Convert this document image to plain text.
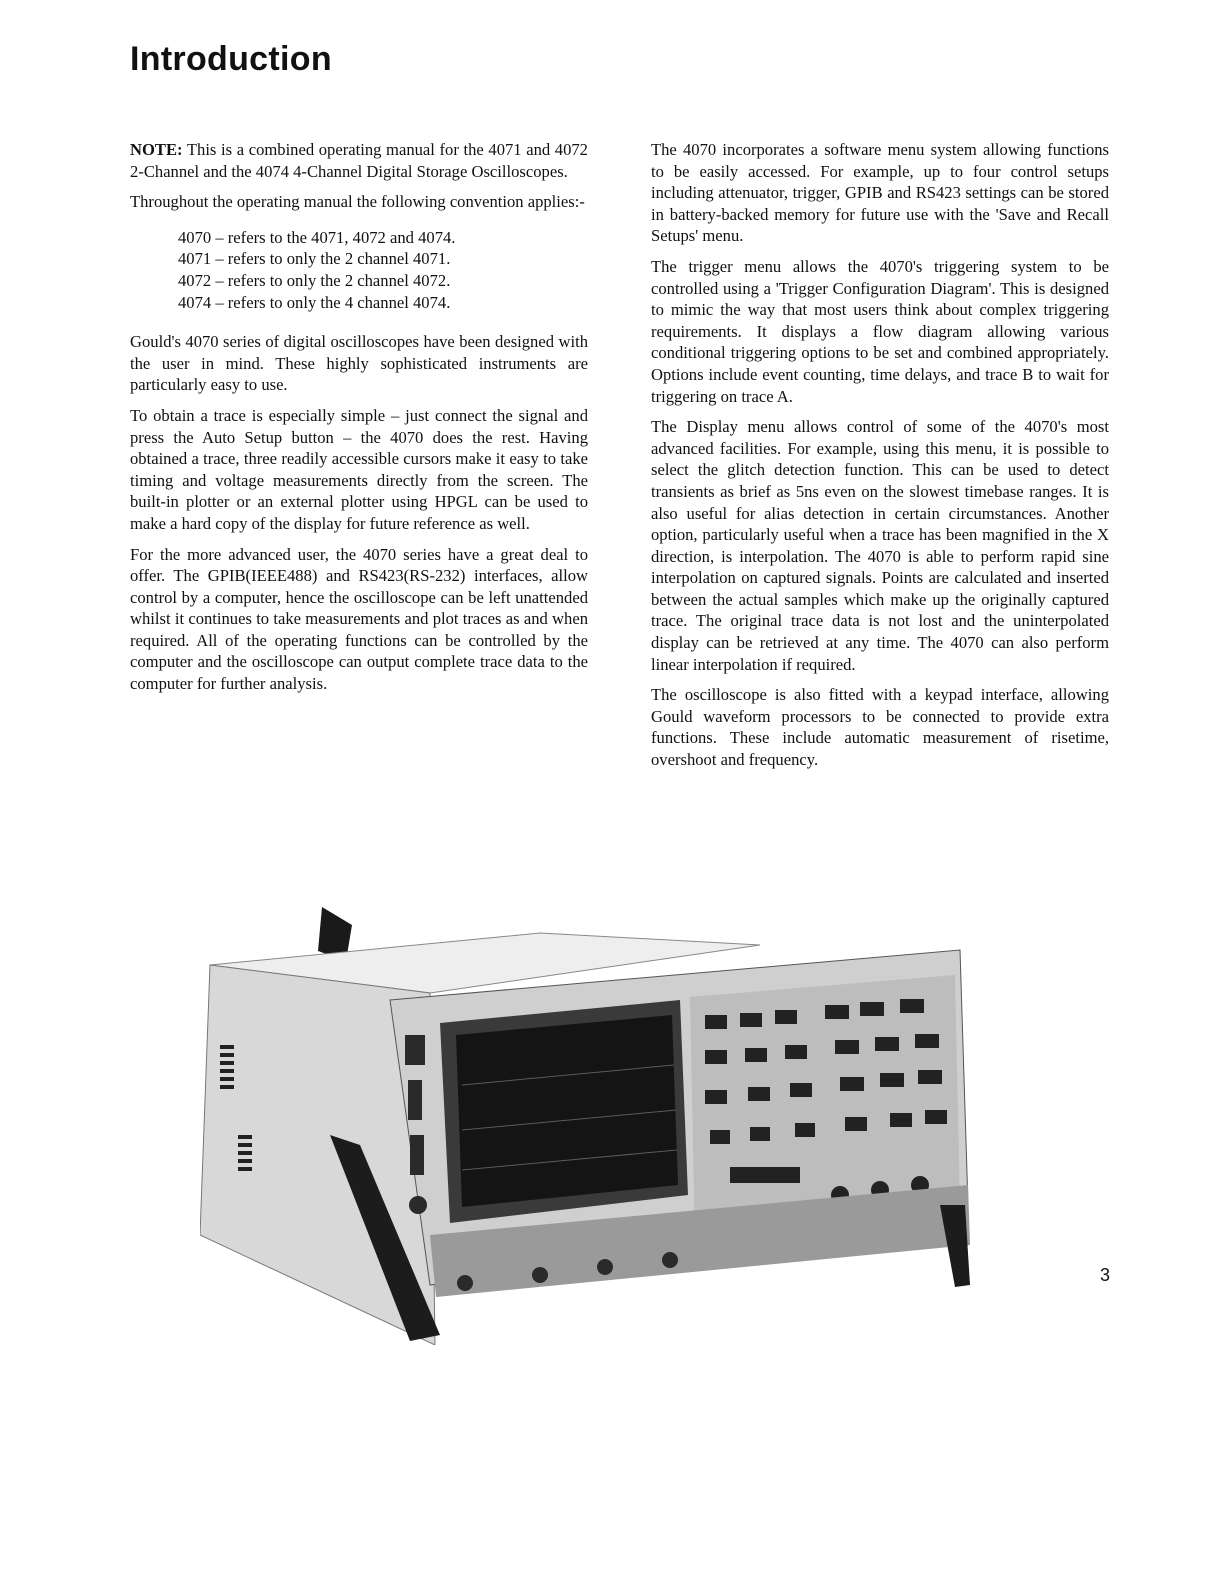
Introduction

NOTE: This is a combined operating manual for the 4071 and 4072 2-Channel and the 4074 4-Channel Digital Storage Oscilloscopes.

Throughout the operating manual the following convention applies:-

4070 – refers to the 4071, 4072 and 4074.
4071 – refers to only the 2 channel 4071.
4072 – refers to only the 2 channel 4072.
4074 – refers to only the 4 channel 4074.

Gould's 4070 series of digital oscilloscopes have been designed with the user in mind. These highly sophisticated instruments are particularly easy to use.

To obtain a trace is especially simple – just connect the signal and press the Auto Setup button – the 4070 does the rest. Having obtained a trace, three readily accessible cursors make it easy to take timing and voltage measurements directly from the screen. The built-in plotter or an external plotter using HPGL can be used to make a hard copy of the display for future reference as well.

For the more advanced user, the 4070 series have a great deal to offer. The GPIB(IEEE488) and RS423(RS-232) interfaces, allow control by a computer, hence the oscilloscope can be left unattended whilst it continues to take measurements and plot traces as and when required. All of the operating functions can be controlled by the computer and the oscilloscope can output complete trace data to the computer for further analysis.

The 4070 incorporates a software menu system allowing functions to be easily accessed. For example, up to four control setups including attenuator, trigger, GPIB and RS423 settings can be stored in battery-backed memory for future use with the 'Save and Recall Setups' menu.

The trigger menu allows the 4070's triggering system to be controlled using a 'Trigger Configuration Diagram'. This is designed to mimic the way that most users think about complex triggering requirements. It displays a flow diagram allowing various conditional triggering options to be set and combined appropriately. Options include event counting, time delays, and trace B to wait for triggering on trace A.

The Display menu allows control of some of the 4070's most advanced facilities. For example, using this menu, it is possible to select the glitch detection function. This can be used to detect transients as brief as 5ns even on the slowest timebase ranges. It is also useful for alias detection in certain circumstances. Another option, particularly useful when a trace has been magnified in the X direction, is interpolation. The 4070 is able to perform rapid sine interpolation on captured signals. Points are calculated and inserted between the actual samples which make up the originally captured trace. The original trace data is not lost and the uninterpolated display can be retrieved at any time. The 4070 can also perform linear interpolation if required.

The oscilloscope is also fitted with a keypad interface, allowing Gould waveform processors to be connected to provide extra functions. These include automatic measurement of risetime, overshoot and frequency.

3
